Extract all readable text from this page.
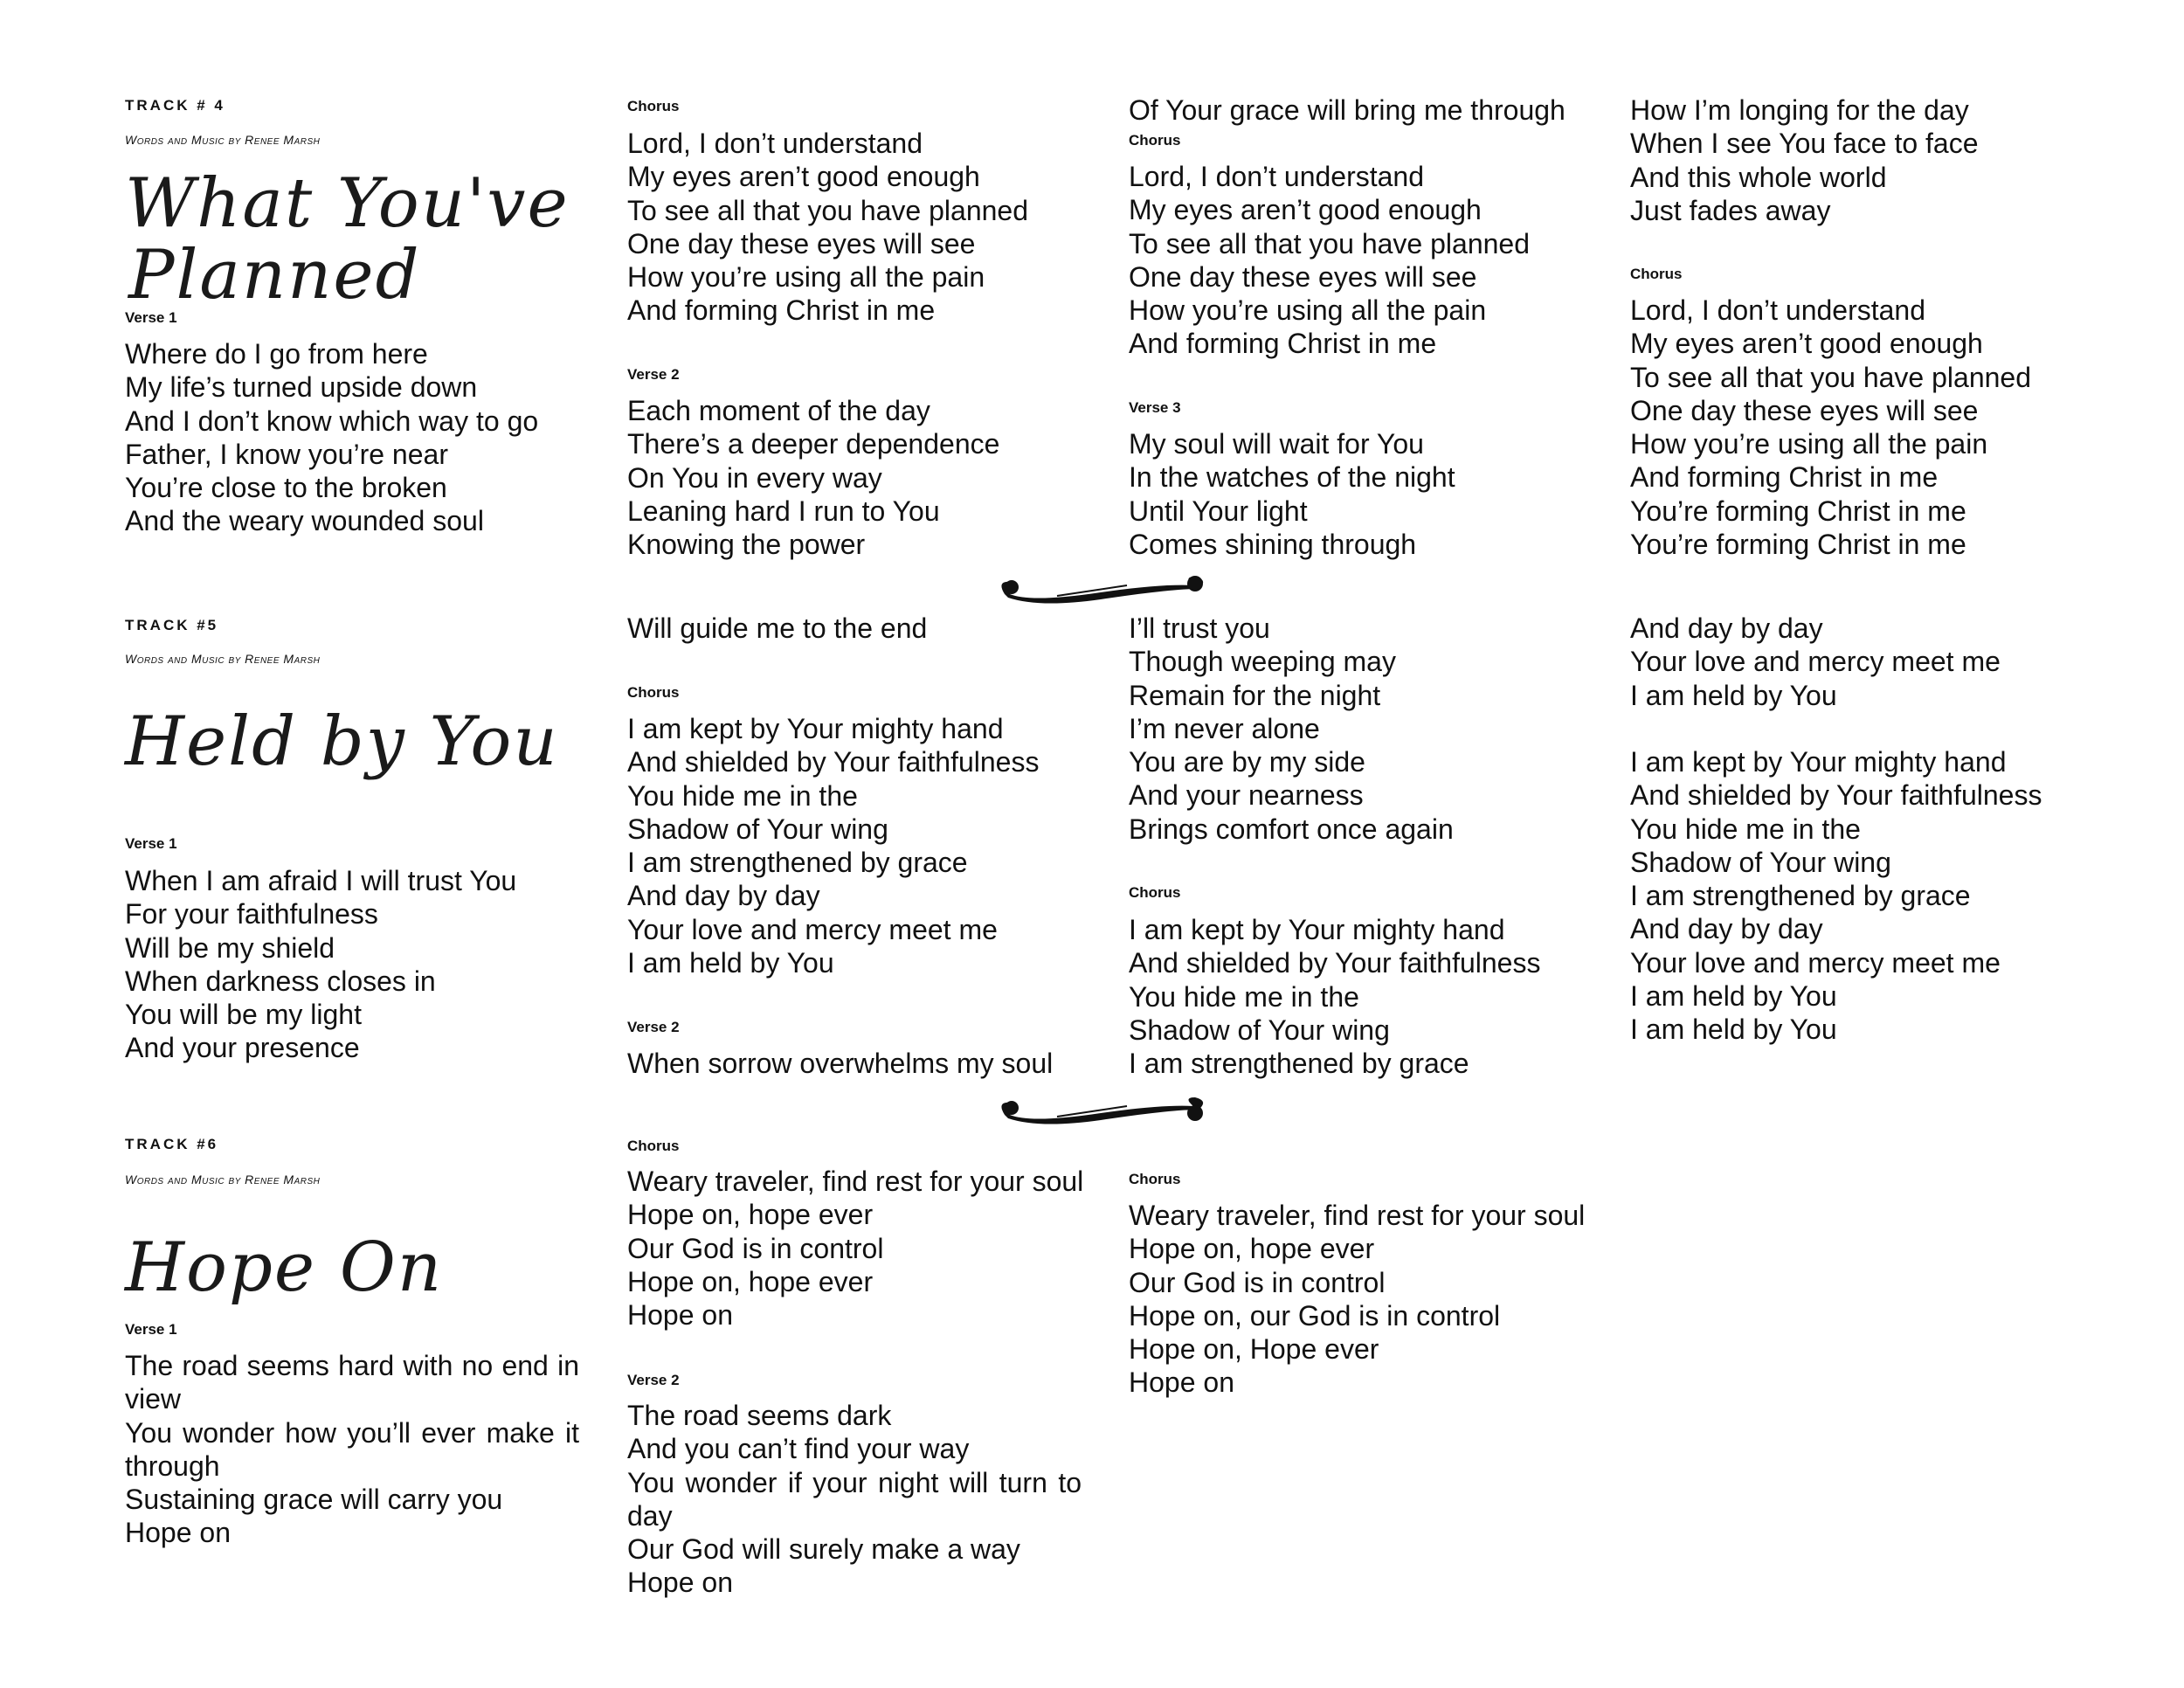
TRACK # 4
Words and Music by Renee Marsh
What You've
Planned
Verse 1
Where do I go from here
My life’s turned upside down
And I don’t know which way to go
Father, I know you’re near
You’re close to the broken
And the weary wounded soul
TRACK #5
Words and Music by Renee Marsh
Held by You
Verse 1
When I am afraid I will trust You
For your faithfulness
Will be my shield
When darkness closes in
You will be my light
And your presence
TRACK #6
Words and Music by Renee Marsh
Hope On
Verse 1
The road seems hard with no end in view
You wonder how you’ll ever make it through
Sustaining grace will carry you
Hope on
Chorus
Lord, I don’t understand
My eyes aren’t good enough
To see all that you have planned
One day these eyes will see
How you’re using all the pain
And forming Christ in me
Verse 2
Each moment of the day
There’s a deeper dependence
On You in every way
Leaning hard I run to You
Knowing the power
Will guide me to the end
Chorus
I am kept by Your mighty hand
And shielded by Your faithfulness
You hide me in the
Shadow of Your wing
I am strengthened by grace
And day by day
Your love and mercy meet me
I am held by You
Verse 2
When sorrow overwhelms my soul
Chorus
Weary traveler, find rest for your soul
Hope on, hope ever
Our God is in control
Hope on, hope ever
Hope on
Verse 2
The road seems dark
And you can’t find your way
You wonder if your night will turn to day
Our God will surely make a way
Hope on
Of Your grace will bring me through
Chorus
Lord, I don’t understand
My eyes aren’t good enough
To see all that you have planned
One day these eyes will see
How you’re using all the pain
And forming Christ in me
Verse 3
My soul will wait for You
In the watches of the night
Until Your light
Comes shining through
I’ll trust you
Though weeping may
Remain for the night
I’m never alone
You are by my side
And your nearness
Brings comfort once again
Chorus
I am kept by Your mighty hand
And shielded by Your faithfulness
You hide me in the
Shadow of Your wing
I am strengthened by grace
Chorus
Weary traveler, find rest for your soul
Hope on, hope ever
Our God is in control
Hope on, our God is in control
Hope on, Hope ever
Hope on
How I’m longing for the day
When I see You face to face
And this whole world
Just fades away
Chorus
Lord, I don’t understand
My eyes aren’t good enough
To see all that you have planned
One day these eyes will see
How you’re using all the pain
And forming Christ in me
You’re forming Christ in me
You’re forming Christ in me
And day by day
Your love and mercy meet me
I am held by You
I am kept by Your mighty hand
And shielded by Your faithfulness
You hide me in the
Shadow of Your wing
I am strengthened by grace
And day by day
Your love and mercy meet me
I am held by You
I am held by You
